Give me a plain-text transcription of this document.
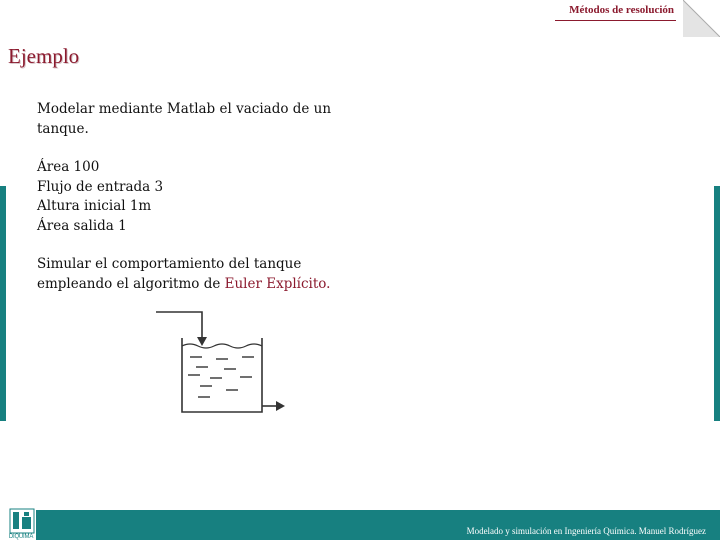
Métodos de resolución
Ejemplo
Modelar mediante Matlab el vaciado de un tanque.
Área 100
Flujo de entrada 3
Altura inicial 1m
Área salida 1
Simular el comportamiento del tanque empleando el algoritmo de Euler Explícito.
Modelado y simulación en Ingeniería Química. Manuel Rodríguez
DIQUIMA
